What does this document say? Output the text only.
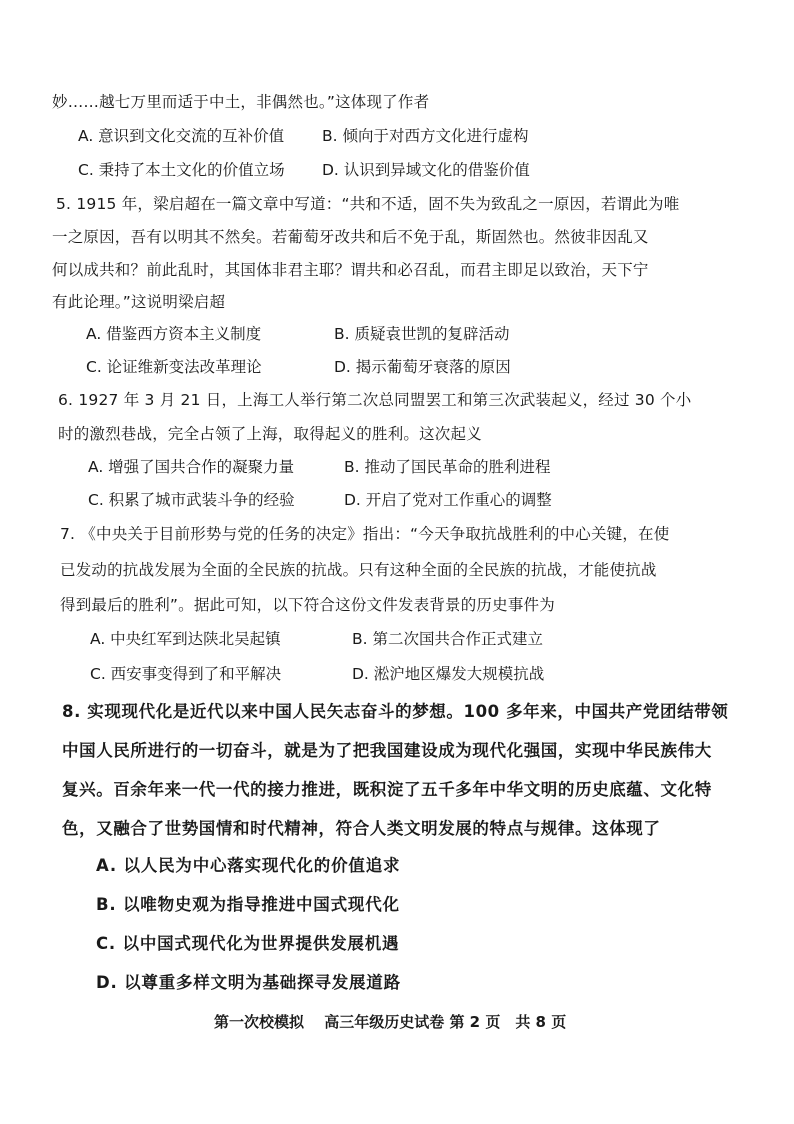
妙……越七万里而适于中土，非偶然也。”这体现了作者
A. 意识到文化交流的互补价值 B. 倾向于对西方文化进行虚构
C. 秉持了本土文化的价值立场 D. 认识到异域文化的借鉴价值
5. 1915 年，梁启超在一篇文章中写道：“共和不适，固不失为致乱之一原因，若谓此为唯
一之原因，吾有以明其不然矣。若葡萄牙改共和后不免于乱，斯固然也。然彼非因乱又
何以成共和？前此乱时，其国体非君主耶？谓共和必召乱，而君主即足以致治，天下宁
有此论理。”这说明梁启超
A. 借鉴西方资本主义制度	B. 质疑袁世凯的复辟活动
C. 论证维新变法改革理论	D. 揭示葡萄牙衰落的原因
6. 1927 年 3 月 21 日，上海工人举行第二次总同盟罢工和第三次武装起义，经过 30 个小
时的激烈巷战，完全占领了上海，取得起义的胜利。这次起义
A. 增强了国共合作的凝聚力量	B. 推动了国民革命的胜利进程
C. 积累了城市武装斗争的经验	D. 开启了党对工作重心的调整
7. 《中央关于目前形势与党的任务的决定》指出：“今天争取抗战胜利的中心关键，在使
已发动的抗战发展为全面的全民族的抗战。只有这种全面的全民族的抗战，才能使抗战
得到最后的胜利”。据此可知，以下符合这份文件发表背景的历史事件为
A. 中央红军到达陕北吴起镇	B. 第二次国共合作正式建立
C. 西安事变得到了和平解决	D. 淞沪地区爆发大规模抗战
8. 实现现代化是近代以来中国人民矢志奋斗的梦想。100 多年来，中国共产党团结带领
中国人民所进行的一切奋斗，就是为了把我国建设成为现代化强国，实现中华民族伟大
复兴。百余年来一代一代的接力推进，既积淀了五千多年中华文明的历史底蕴、文化特
色，又融合了世势国情和时代精神，符合人类文明发展的特点与规律。这体现了
A. 以人民为中心落实现代化的价值追求
B. 以唯物史观为指导推进中国式现代化
C. 以中国式现代化为世界提供发展机遇
D. 以尊重多样文明为基础探寻发展道路
第一次校模拟　 高三年级历史试卷 第 2 页　共 8 页
